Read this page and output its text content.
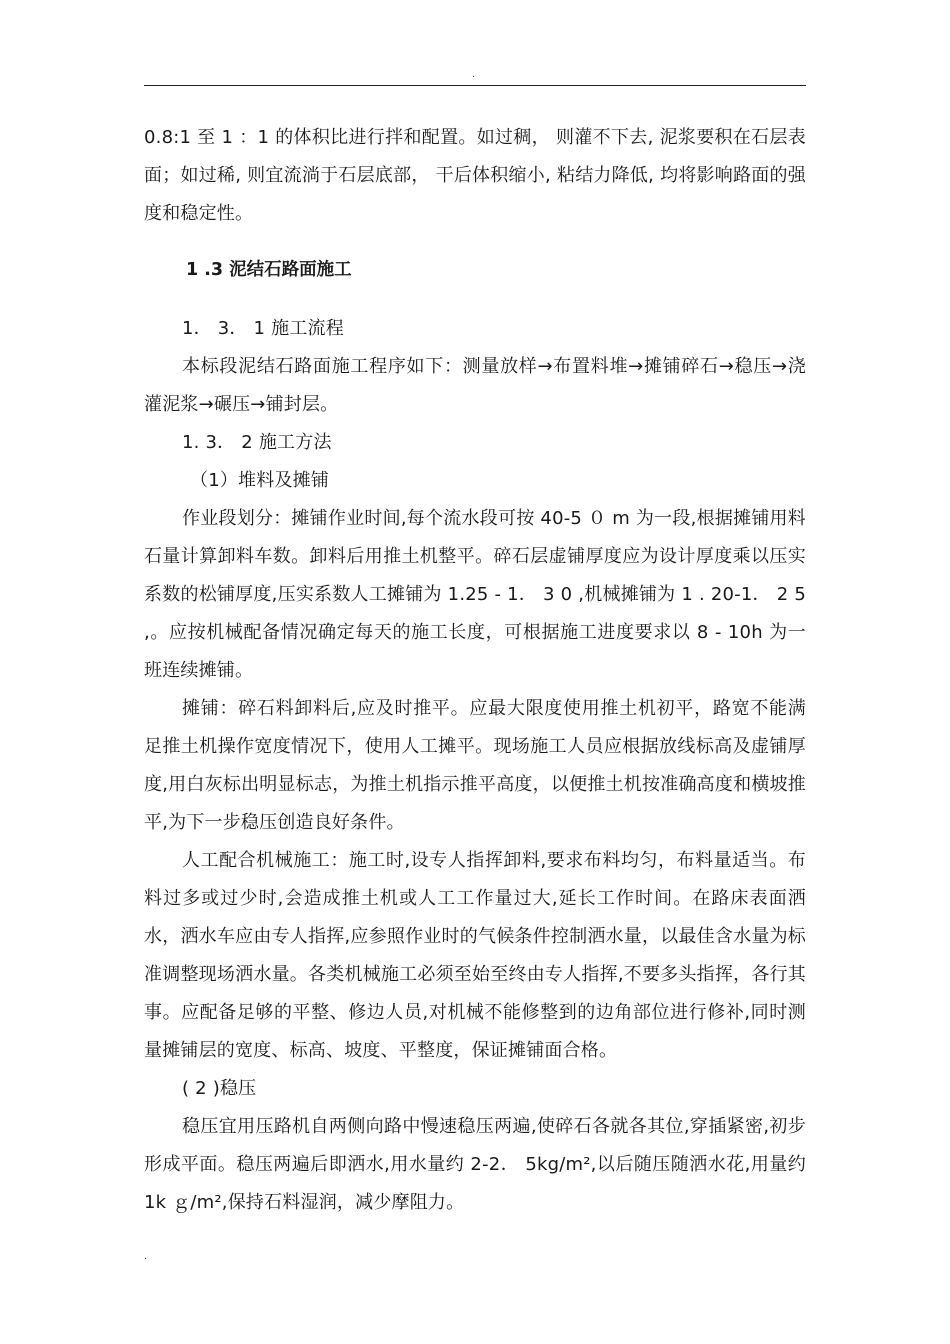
.

0.8:1 至 1 ：1 的体积比进行拌和配置。如过稠， 则灌不下去, 泥浆要积在石层表面；如过稀, 则宜流淌于石层底部， 干后体积缩小, 粘结力降低, 均将影响路面的强度和稳定性。

1 .3 泥结石路面施工

1． 3． 1 施工流程

本标段泥结石路面施工程序如下：测量放样→布置料堆→摊铺碎石→稳压→浇灌泥浆→碾压→铺封层。

1. 3． 2 施工方法

（1）堆料及摊铺

作业段划分：摊铺作业时间,每个流水段可按 40-5 ０ m 为一段,根据摊铺用料石量计算卸料车数。卸料后用推土机整平。碎石层虚铺厚度应为设计厚度乘以压实系数的松铺厚度,压实系数人工摊铺为 1.25 - 1． 3 0 ,机械摊铺为 1 . 20-1． 2 5 ,。应按机械配备情况确定每天的施工长度，可根据施工进度要求以 8 - 10h 为一班连续摊铺。

摊铺：碎石料卸料后,应及时推平。应最大限度使用推土机初平，路宽不能满足推土机操作宽度情况下，使用人工摊平。现场施工人员应根据放线标高及虚铺厚度,用白灰标出明显标志，为推土机指示推平高度，以便推土机按准确高度和横坡推平,为下一步稳压创造良好条件。

人工配合机械施工：施工时,设专人指挥卸料,要求布料均匀，布料量适当。布料过多或过少时,会造成推土机或人工工作量过大,延长工作时间。在路床表面洒水，洒水车应由专人指挥,应参照作业时的气候条件控制洒水量，以最佳含水量为标准调整现场洒水量。各类机械施工必须至始至终由专人指挥,不要多头指挥，各行其事。应配备足够的平整、修边人员,对机械不能修整到的边角部位进行修补,同时测量摊铺层的宽度、标高、坡度、平整度，保证摊铺面合格。

( 2 )稳压

稳压宜用压路机自两侧向路中慢速稳压两遍,使碎石各就各其位,穿插紧密,初步形成平面。稳压两遍后即洒水,用水量约 2-2． 5kg/m²,以后随压随洒水花,用量约 1k ｇ/m²,保持石料湿润，减少摩阻力。

.
